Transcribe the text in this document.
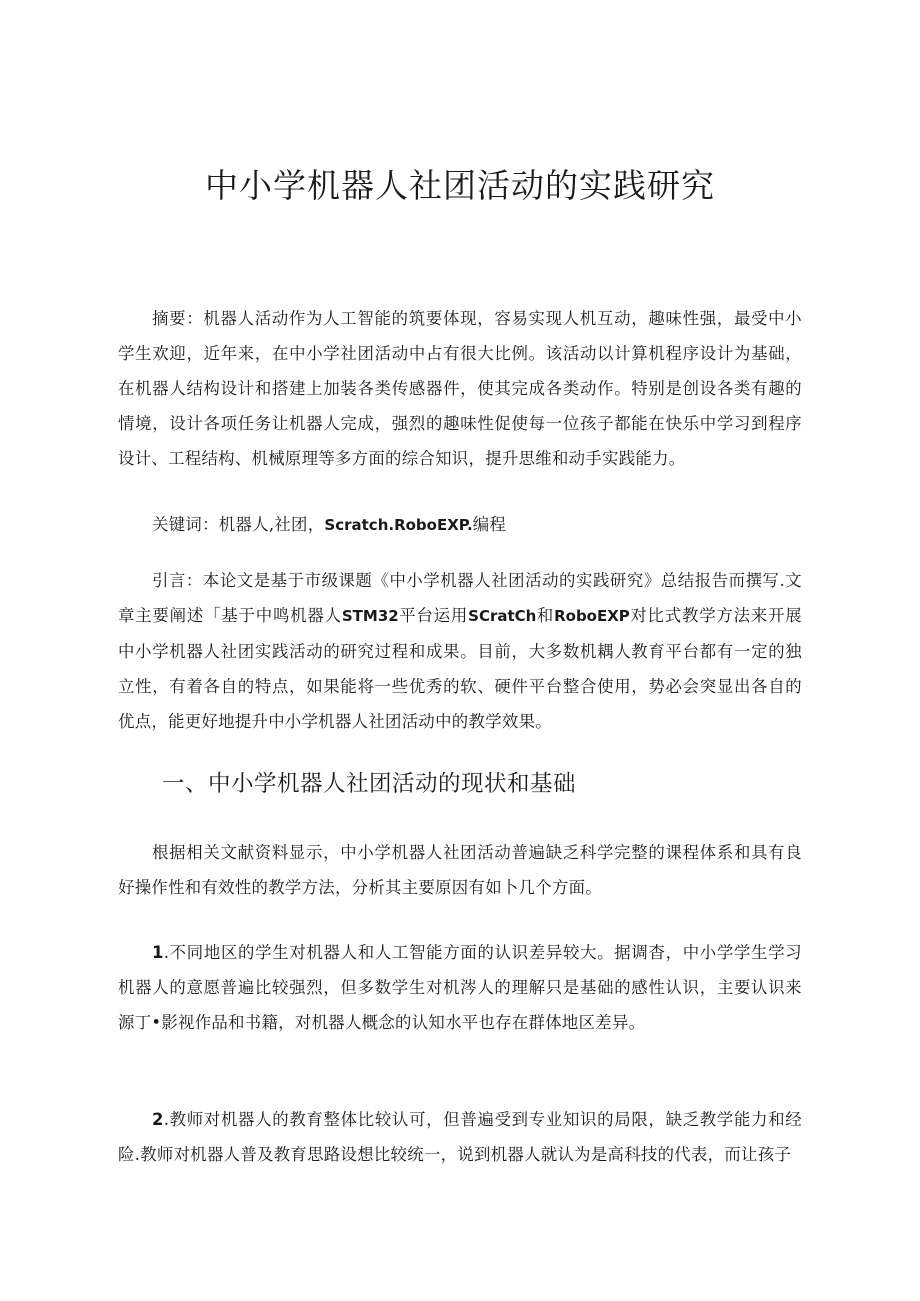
中小学机器人社团活动的实践研究

摘要：机器人活动作为人工智能的筑要体现，容易实现人机互动，趣味性强，最受中小学生欢迎，近年来，在中小学社团活动中占有很大比例。该活动以计算机程序设计为基础，在机器人结构设计和搭建上加装各类传感器件，使其完成各类动作。特别是创设各类有趣的情境，设计各项任务让机器人完成，强烈的趣味性促使每一位孩子都能在快乐中学习到程序设计、工程结构、机械原理等多方面的综合知识，提升思维和动手实践能力。

关键词：机器人,社团，Scratch.RoboEXP.编程

引言：本论文是基于市级课题《中小学机器人社团活动的实践研究》总结报告而撰写.文章主要阐述「基于中鸣机器人STM32平台运用SCratCh和RoboEXP对比式教学方法来开展中小学机器人社团实践活动的研究过程和成果。目前，大多数机耦人教育平台都有一定的独立性，有着各自的特点，如果能将一些优秀的软、硬件平台整合使用，势必会突显出各自的优点，能更好地提升中小学机器人社团活动中的教学效果。

一、中小学机器人社团活动的现状和基础

根据相关文献资料显示，中小学机器人社团活动普遍缺乏科学完整的课程体系和具有良好操作性和有效性的教学方法，分析其主要原因有如卜几个方面。

1.不同地区的学生对机器人和人工智能方面的认识差异较大。据调杳，中小学学生学习机器人的意愿普遍比较强烈，但多数学生对机涔人的理解只是基础的感性认识，主要认识来源丁•影视作品和书籍，对机器人概念的认知水平也存在群体地区差异。

2.教师对机器人的教育整体比较认可，但普遍受到专业知识的局限，缺乏教学能力和经险.教师对机器人普及教育思路设想比较统一，说到机器人就认为是高科技的代表，而让孩子
